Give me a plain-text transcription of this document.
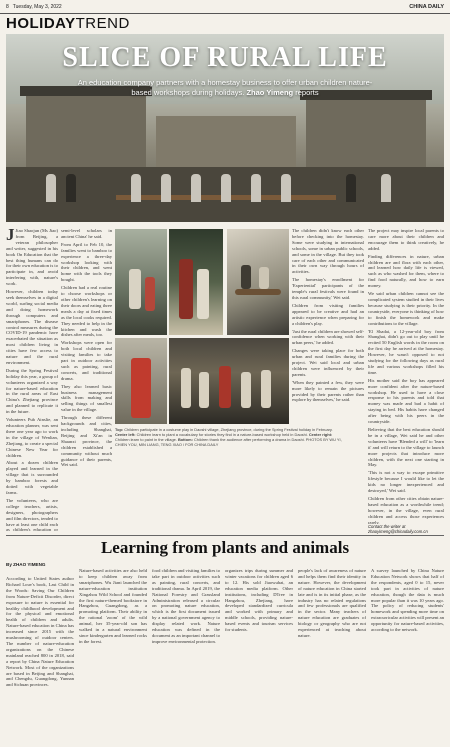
8 Tuesday, May 3, 2022	CHINA DAILY
HOLIDAYTREND
SLICE OF RURAL LIFE
An education company partners with a homestay business to offer urban children nature-based workshops during holidays. Zhao Yimeng reports

J Jiao Shaojun (Ms Jiao) from Beijing, a veteran philosopher and writer, suggested in his book On Education that the best thing humans can do for their own education is to participate in, and avoid interfering with, nature's work.

However, children today seek themselves in a digital world, surfing social media and doing homework through computers and smartphones. The disease control measures during the COVID-19 pandemic have exacerbated the situation as most children living in cities have few access to nature and the rural environment.

During the Spring Festival holiday this year, a group of volunteers organized a way for nature-based education in the rural areas of East China's Zhejiang province and planned to replicate it in the future.

Volunteers Pub Ainslie, an education planner, was sent there one year ago to work in the village of Wenlian, Zhejiang, to create a special Chinese New Year for children.

About a dozen children played and learned in the village that is surrounded by bamboo forests and dotted with vegetable farms.

The volunteers, who are college teachers, artists, designers, photographers and film directors, tended to have at least one child each as children's education or

semi-level scholars in ancient China' he said.

From April to Feb 10, the families went to bamboo to experience a three-day workshop looking with their children, and went home with the tools they bought.

Children had a real routine to choose workshops or other children's learning on their doors and eating three meals a day at fixed times as the local cooks required. They needed to help in the kitchen and wash the dishes after meals, too.

Workshops were open for both local children and visiting families to take part in outdoor activities such as painting, rural concerts, and traditional drama.

They also learned basic business management skills from making and selling things of smallest value in the village.

Through these different backgrounds and cities, including Shanghai, Beijing and Xi'an in Shaanxi province, the children established a community without much guidance of their parents, Wei said.

Top: Children participate in a costume play in Daoshi village, Zhejiang province, during the Spring Festival holiday in February. Center left: Children learn to plant a vocabulary for stories they find in a nature-based workshop held in Daoshi. Center right: Children learn to paint in the village. Bottom: Children thank the audience after performing a drama in Daoshi. PHOTOS BY WU YI, CHIEN YOU, MIN LIANG, TENG XIAO / FOR CHINA DAILY

The children didn't know each other before checking into the homestay. Some were studying in international schools, some in urban public schools, and some in the village. But they took care of each other and communicated in their own way through hours of activities.

The homestay's enrollment for 'Experiential' participants of the temple's rural festivals were found in this rural community,' Wei said.

Children from visiting families appeared to be creative and had an artistic experience when preparing for a children's play.

'Just the rural children are showed self-confidence when working with their urban peers,' he added.

Changes were taking place for both urban and rural families during the project. Wei said local and urban children were influenced by their parents.

'When they painted a few, they were more likely to remain the pictures provided by their parents rather than explore by themselves,' he said.

The project may inspire local parents to care more about their children and encourage them to think creatively, he added.

Finding differences in nature, urban children are and flora with each other, and learned how daily life is viewed, such as who washed for them, where to find food naturally, and how to earn money.

We said urban children cannot see the complicated system studied in their lives because studying is their priority. In the countryside, everyone is thinking of how to finish the homework and make contributions to the village.

'El Shadai, a 12-year-old boy from Shanghai, didn't go out to play until he recited 50 English words in the room on the first day he arrived at the homestay. However, he wasn't opposed to not studying for the following days as rural life and various workshops filled his time.

His mother said the boy has appeared more confident after the nature-based workshop. He used to have a close response to his parents and told that money was made and bad a habit of staying in bed. His habits have changed after being with his peers in the countryside.

Believing that the best education should be in a village, Wei said he and other volunteers have 'Blended a will' to 'learn it' and will return to the village to launch more projects that introduce more children, with the next one starting in May.

'This is not a way to escape primitive lifestyle because I would like to let the kids no longer inexperienced and destroyed,' Wei said.

Children from other cities obtain nature-based education as a worthwhile trend; however, in the village, even rural children and access those experiences rarely.

Contact the writer at zhaoyimeng@chinadaily.com.cn
Learning from plants and animals
By ZHAO YIMENG
According to United States author Richard Louv's book, Last Child in the Woods: Saving Our Children from Nature-Deficit Disorder, direct exposure to nature is essential for healthy childhood development and for the physical and emotional health of children and adults. Nature-based education in China has increased since 2015 with the mushrooming of outdoor centers. The number of nature-education organizations on the Chinese mainland reached 800 in 2018, said a report by China Nature Education Network. Most of the organizations are based in Beijing and Shanghai, and Chengdu, Guangdong, Yunnan and Sichuan provinces.
Nature-based activities are also held to keep children away from smartphones. Wu Jiani launched the nature-education institution Xingzhou Wild School and founded the first nature-themed bookstore in Hangzhou, Guangdong, as a promoting platform. Their ability in the rational 'zoom' of the wild animal, her 35-year-old son has walked in a natural environment since kindergarten and learned rocks in the forest.
food children and visiting families to take part in outdoor activities such as painting, rural concerts, and traditional drama. In April 2019, the National Forestry and Grassland Administration released a circular on promoting nature education, which is the first document issued by a national government agency to display related work. Nature education was defined in the document as an important channel to improve environmental protection.
organizes trips during summer and winter vacations for children aged 6 to 12. His sold Jiaowuhai, an education media platform. Other institutions, including DTree in Hangzhou, Zhejiang, have developed standardized curricula and worked with primary and middle schools, providing nature-based events and tourism services for students.
people's lack of awareness of nature and helps them find their identity in nature. However, the development of nature education in China started late and is in its initial phase, as the industry has no related regulations and few professionals are qualified in the sector. Many teachers of nature education are graduates of biology or geography who are not experienced at teaching about nature.
A survey launched by China Nature Education Network shows that half of the respondents, aged 0 to 15, never took part in activities of nature education, though the data is much more popular than it was 10 years ago. The policy of reducing students' homework and spending more time on extracurricular activities will present an opportunity for nature-based activities, according to the network.
